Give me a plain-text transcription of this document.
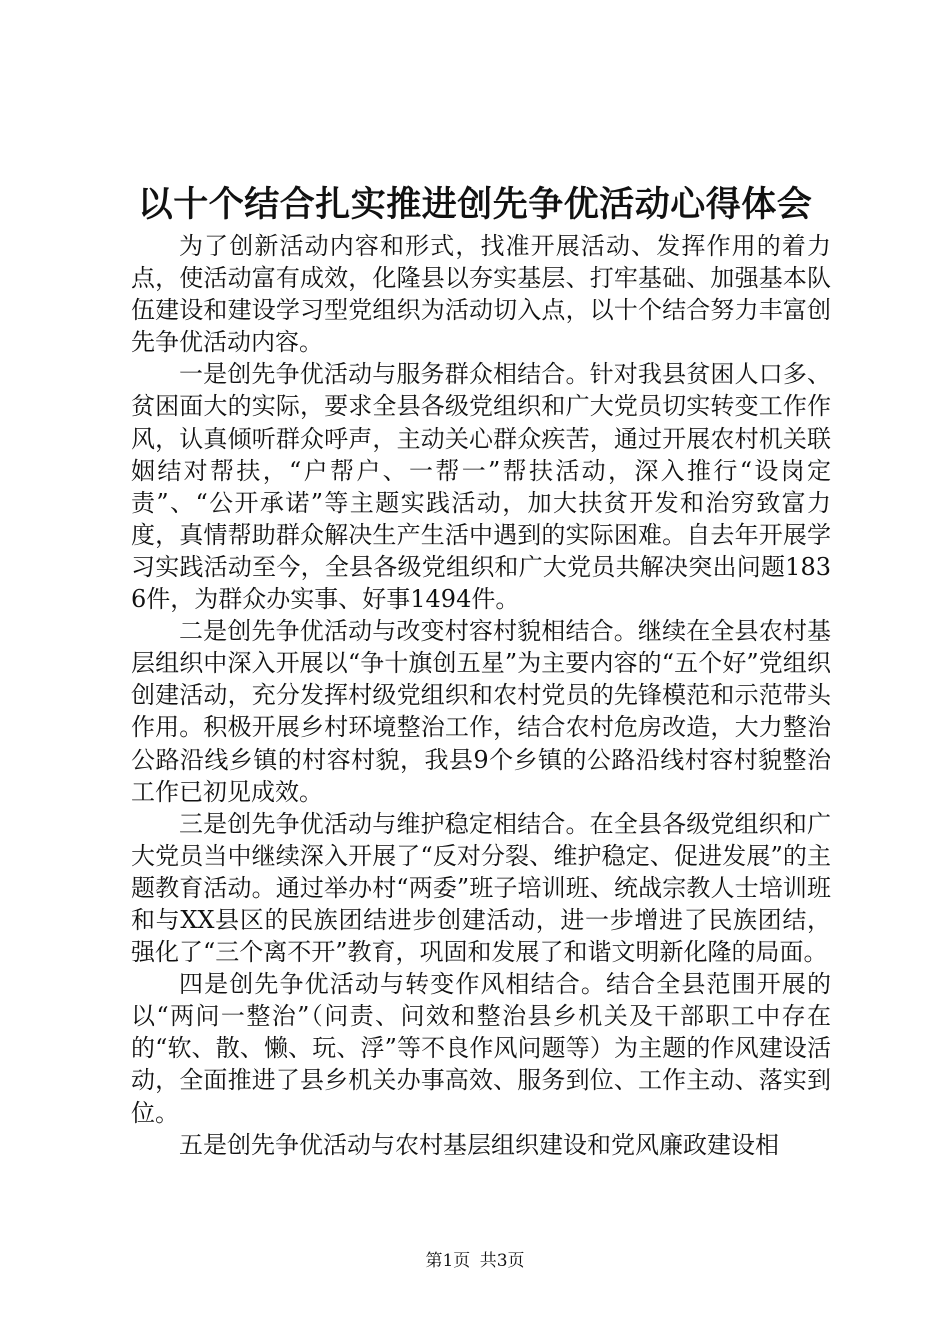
以十个结合扎实推进创先争优活动心得体会

为了创新活动内容和形式，找准开展活动、发挥作用的着力点，使活动富有成效，化隆县以夯实基层、打牢基础、加强基本队伍建设和建设学习型党组织为活动切入点，以十个结合努力丰富创先争优活动内容。

一是创先争优活动与服务群众相结合。针对我县贫困人口多、贫困面大的实际，要求全县各级党组织和广大党员切实转变工作作风，认真倾听群众呼声，主动关心群众疾苦，通过开展农村机关联姻结对帮扶，“户帮户、一帮一”帮扶活动，深入推行“设岗定责”、“公开承诺”等主题实践活动，加大扶贫开发和治穷致富力度，真情帮助群众解决生产生活中遇到的实际困难。自去年开展学习实践活动至今，全县各级党组织和广大党员共解决突出问题1836件，为群众办实事、好事1494件。

二是创先争优活动与改变村容村貌相结合。继续在全县农村基层组织中深入开展以“争十旗创五星”为主要内容的“五个好”党组织创建活动，充分发挥村级党组织和农村党员的先锋模范和示范带头作用。积极开展乡村环境整治工作，结合农村危房改造，大力整治公路沿线乡镇的村容村貌，我县9个乡镇的公路沿线村容村貌整治工作已初见成效。

三是创先争优活动与维护稳定相结合。在全县各级党组织和广大党员当中继续深入开展了“反对分裂、维护稳定、促进发展”的主题教育活动。通过举办村“两委”班子培训班、统战宗教人士培训班和与XX县区的民族团结进步创建活动，进一步增进了民族团结，强化了“三个离不开”教育，巩固和发展了和谐文明新化隆的局面。

四是创先争优活动与转变作风相结合。结合全县范围开展的以“两问一整治”（问责、问效和整治县乡机关及干部职工中存在的“软、散、懒、玩、浮”等不良作风问题等）为主题的作风建设活动，全面推进了县乡机关办事高效、服务到位、工作主动、落实到位。

五是创先争优活动与农村基层组织建设和党风廉政建设相

第1页 共3页
